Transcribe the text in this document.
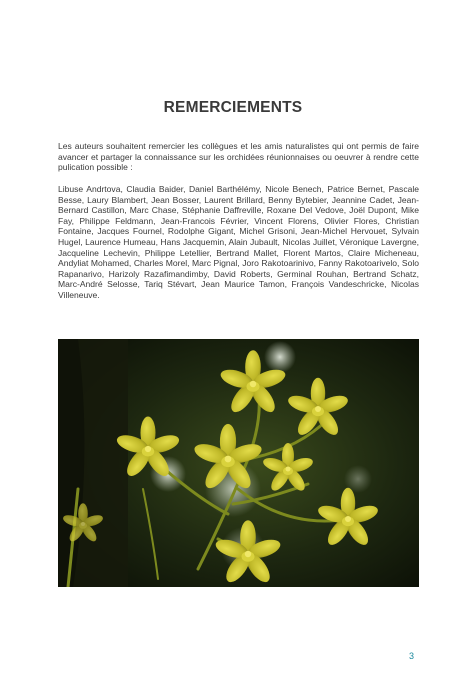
REMERCIEMENTS
Les auteurs souhaitent remercier les collègues et les amis naturalistes qui ont permis de faire avancer et partager la connaissance sur les orchidées réunionnaises ou oeuvrer à rendre cette pulication possible :
Libuse Andrtova, Claudia Baider, Daniel Barthélémy, Nicole Benech, Patrice Bernet, Pascale Besse, Laury Blambert, Jean Bosser, Laurent Brillard, Benny Bytebier, Jeannine Cadet, Jean-Bernard Castillon, Marc Chase, Stéphanie Daffreville, Roxane Del Vedove, Joël Dupont, Mike Fay, Philippe Feldmann, Jean-Francois Février, Vincent Florens, Olivier Flores, Christian Fontaine, Jacques Fournel, Rodolphe Gigant, Michel Grisoni, Jean-Michel Hervouet, Sylvain Hugel, Laurence Humeau, Hans Jacquemin, Alain Jubault, Nicolas Juillet, Véronique Lavergne, Jacqueline Lechevin, Philippe Letellier, Bertrand Mallet, Florent Martos, Claire Micheneau, Andyliat Mohamed, Charles Morel, Marc Pignal, Joro Rakotoarinivo, Fanny Rakotoarivelo, Solo Rapanarivo, Harizoly Razafimandimby, David Roberts, Germinal Rouhan, Bertrand Schatz, Marc-André Selosse, Tariq Stévart, Jean Maurice Tamon, François Vandeschricke, Nicolas Villeneuve.
3
